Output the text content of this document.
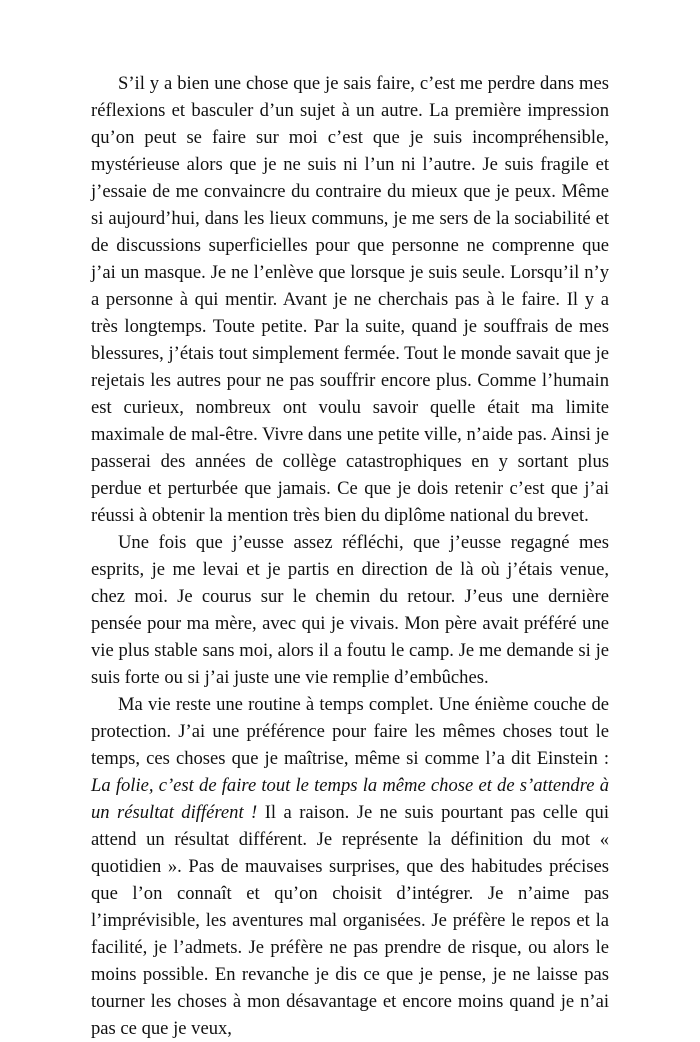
S’il y a bien une chose que je sais faire, c’est me perdre dans mes réflexions et basculer d’un sujet à un autre. La première impression qu’on peut se faire sur moi c’est que je suis incompréhensible, mystérieuse alors que je ne suis ni l’un ni l’autre. Je suis fragile et j’essaie de me convaincre du contraire du mieux que je peux. Même si aujourd’hui, dans les lieux communs, je me sers de la sociabilité et de discussions superficielles pour que personne ne comprenne que j’ai un masque. Je ne l’enlève que lorsque je suis seule. Lorsqu’il n’y a personne à qui mentir. Avant je ne cherchais pas à le faire. Il y a très longtemps. Toute petite. Par la suite, quand je souffrais de mes blessures, j’étais tout simplement fermée. Tout le monde savait que je rejetais les autres pour ne pas souffrir encore plus. Comme l’humain est curieux, nombreux ont voulu savoir quelle était ma limite maximale de mal-être. Vivre dans une petite ville, n’aide pas. Ainsi je passerai des années de collège catastrophiques en y sortant plus perdue et perturbée que jamais. Ce que je dois retenir c’est que j’ai réussi à obtenir la mention très bien du diplôme national du brevet.

Une fois que j’eusse assez réfléchi, que j’eusse regagné mes esprits, je me levai et je partis en direction de là où j’étais venue, chez moi. Je courus sur le chemin du retour. J’eus une dernière pensée pour ma mère, avec qui je vivais. Mon père avait préféré une vie plus stable sans moi, alors il a foutu le camp. Je me demande si je suis forte ou si j’ai juste une vie remplie d’embûches.

Ma vie reste une routine à temps complet. Une énième couche de protection. J’ai une préférence pour faire les mêmes choses tout le temps, ces choses que je maîtrise, même si comme l’a dit Einstein : La folie, c’est de faire tout le temps la même chose et de s’attendre à un résultat différent ! Il a raison. Je ne suis pourtant pas celle qui attend un résultat différent. Je représente la définition du mot « quotidien ». Pas de mauvaises surprises, que des habitudes précises que l’on connaît et qu’on choisit d’intégrer. Je n’aime pas l’imprévisible, les aventures mal organisées. Je préfère le repos et la facilité, je l’admets. Je préfère ne pas prendre de risque, ou alors le moins possible. En revanche je dis ce que je pense, je ne laisse pas tourner les choses à mon désavantage et encore moins quand je n’ai pas ce que je veux,
